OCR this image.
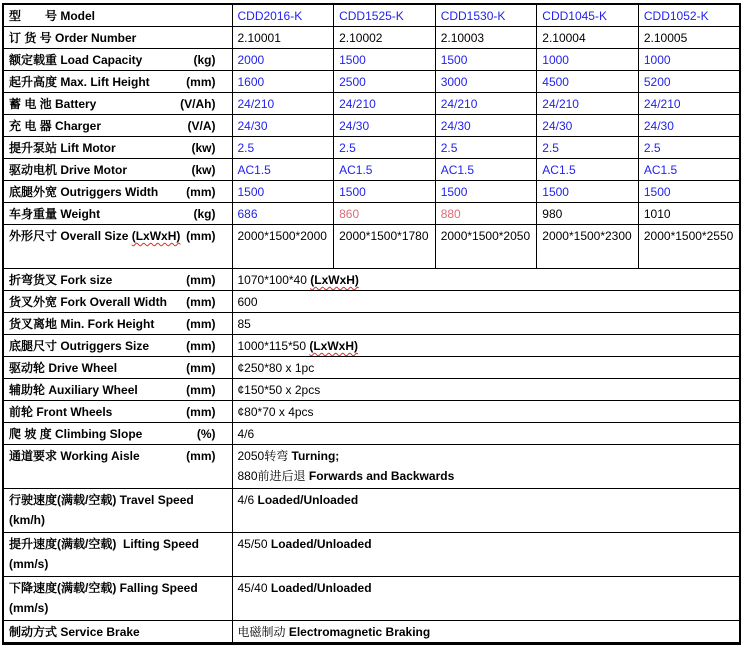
型　　号 Model	CDD2016-K	CDD1525-K	CDD1530-K	CDD1045-K	CDD1052-K

订 货 号 Order Number	2.10001	2.10002	2.10003	2.10004	2.10005

额定载重 Load Capacity (kg)	2000	1500	1500	1000	1000

起升高度 Max. Lift Height (mm)	1600	2500	3000	4500	5200

蓄 电 池 Battery (V/Ah)	24/210	24/210	24/210	24/210	24/210

充 电 器 Charger (V/A)	24/30	24/30	24/30	24/30	24/30

提升泵站 Lift Motor (kw)	2.5	2.5	2.5	2.5	2.5

驱动电机 Drive Motor (kw)	AC1.5	AC1.5	AC1.5	AC1.5	AC1.5

底腿外宽 Outriggers Width (mm)	1500	1500	1500	1500	1500

车身重量 Weight (kg)	686	860	880	980	1010

外形尺寸 Overall Size (LxWxH) (mm)	2000*1500*2000	2000*1500*1780	2000*1500*2050	2000*1500*2300	2000*1500*2550

折弯货叉 Fork size (mm)	1070*100*40 (LxWxH)				

货叉外宽 Fork Overall Width (mm)	600				

货叉离地 Min. Fork Height (mm)	85				

底腿尺寸 Outriggers Size (mm)	1000*115*50 (LxWxH)				

驱动轮 Drive Wheel (mm)	¢250*80 x 1pc				

辅助轮 Auxiliary Wheel (mm)	¢150*50 x 2pcs				

前轮 Front Wheels (mm)	¢80*70 x 4pcs				

爬 坡 度 Climbing Slope (%)	4/6				

通道要求 Working Aisle	(mm)	2050转弯 Turning;
880前进后退 Forwards and Backwards

行驶速度(满载/空载) Travel Speed
(km/h)	4/6 Loaded/Unloaded				

提升速度(满载/空载)  Lifting Speed
(mm/s)	45/50 Loaded/Unloaded				

下降速度(满载/空载) Falling Speed
(mm/s)	45/40 Loaded/Unloaded				

制动方式 Service Brake	电磁制动 Electromagnetic Braking				
